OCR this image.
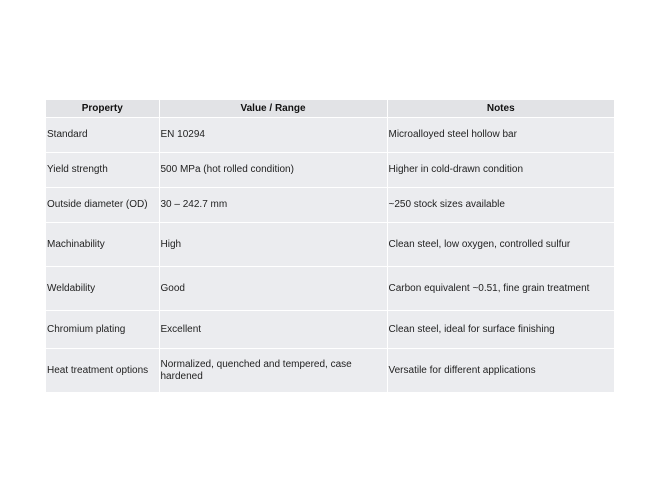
Property	Value / Range	Notes
Standard	EN 10294	Microalloyed steel hollow bar
Yield strength	500 MPa (hot rolled condition)	Higher in cold-drawn condition
Outside diameter (OD)	30 – 242.7 mm	~250 stock sizes available
Machinability	High	Clean steel, low oxygen, controlled sulfur
Weldability	Good	Carbon equivalent ~0.51, fine grain treatment
Chromium plating	Excellent	Clean steel, ideal for surface finishing
Heat treatment options	Normalized, quenched and tempered, case hardened	Versatile for different applications
